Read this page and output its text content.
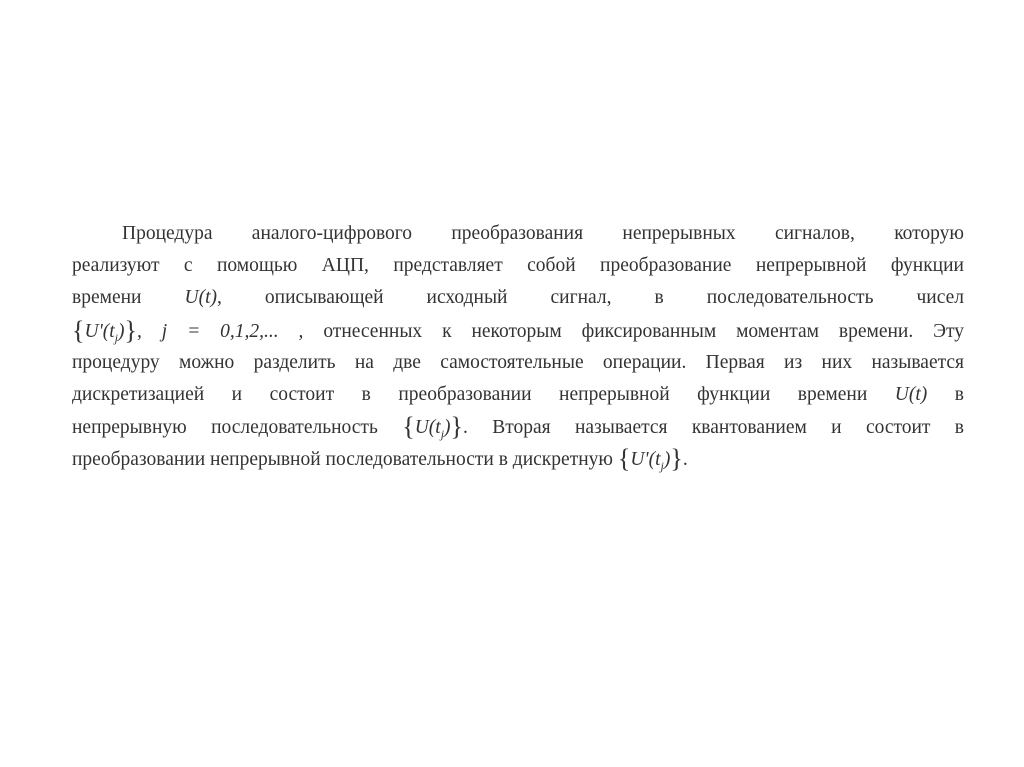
Процедура аналого-цифрового преобразования непрерывных сигналов, которую
реализуют с помощью АЦП, представляет собой преобразование непрерывной функции
времени U(t), описывающей исходный сигнал, в последовательность чисел
$\{U'(t_j)\}$, j = 0,1,2,... , отнесенных к некоторым фиксированным моментам времени. Эту
процедуру можно разделить на две самостоятельные операции. Первая из них называется
дискретизацией и состоит в преобразовании непрерывной функции времени U(t) в
непрерывную последовательность $\{U(t_j)\}$. Вторая называется квантованием и состоит в
преобразовании непрерывной последовательности в дискретную $\{U'(t_j)\}$.
